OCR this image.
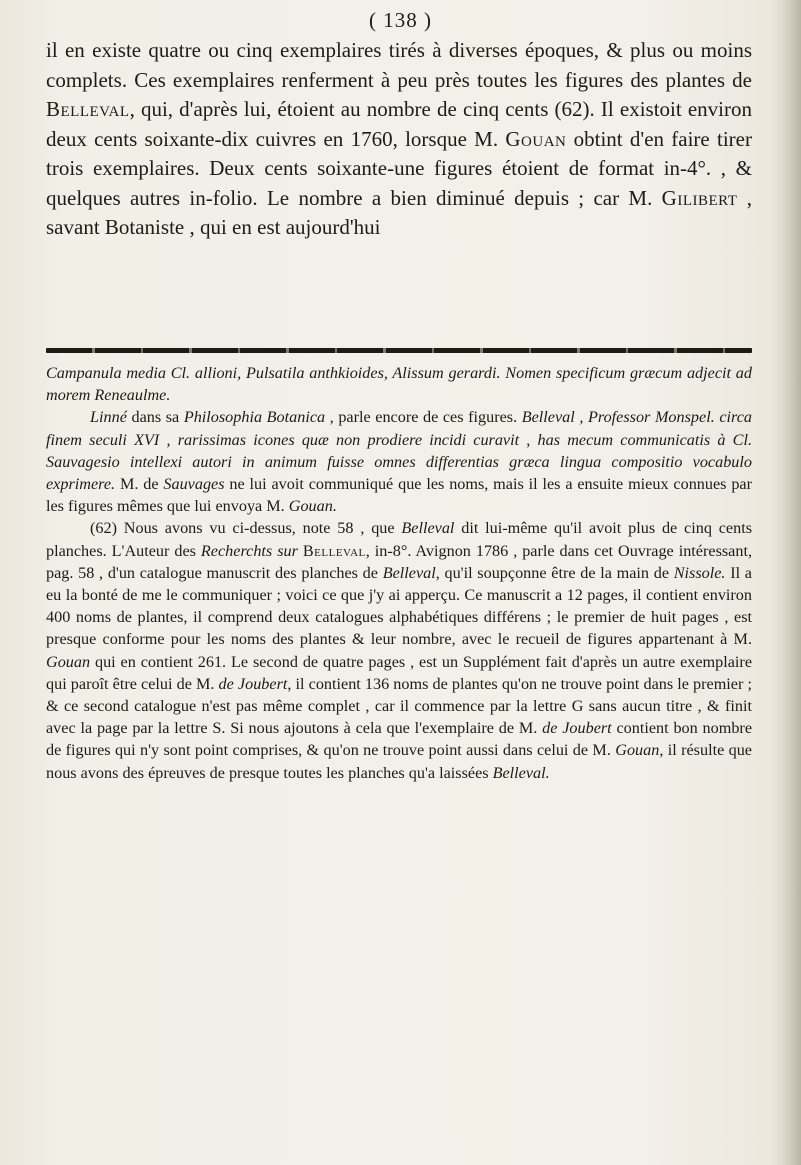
( 138 )

il en existe quatre ou cinq exemplaires tirés à diverses époques, & plus ou moins complets. Ces exemplaires renferment à peu près toutes les figures des plantes de Belleval, qui, d'après lui, étoient au nombre de cinq cents (62). Il existoit environ deux cents soixante-dix cuivres en 1760, lorsque M. Gouan obtint d'en faire tirer trois exemplaires. Deux cents soixante-une figures étoient de format in-4°. , & quelques autres in-folio. Le nombre a bien diminué depuis ; car M. Gilibert , savant Botaniste , qui en est aujourd'hui

Campanula media Cl. allioni, Pulsatila anthkioides, Alissum gerardi. Nomen specificum græcum adjecit ad morem Reneaulme.
Linné dans sa Philosophia Botanica , parle encore de ces figures. Belleval , Professor Monspel. circa finem seculi XVI , rarissimas icones quæ non prodiere incidi curavit , has mecum communicatis à Cl. Sauvagesio intellexi autori in animum fuisse omnes differentias græca lingua compositio vocabulo exprimere. M. de Sauvages ne lui avoit communiqué que les noms, mais il les a ensuite mieux connues par les figures mêmes que lui envoya M. Gouan.

(62) Nous avons vu ci-dessus, note 58 , que Belleval dit lui-même qu'il avoit plus de cinq cents planches. L'Auteur des Recherchts sur Belleval, in-8°. Avignon 1786 , parle dans cet Ouvrage intéressant, pag. 58 , d'un catalogue manuscrit des planches de Belleval, qu'il soupçonne être de la main de Nissole. Il a eu la bonté de me le communiquer ; voici ce que j'y ai apperçu. Ce manuscrit a 12 pages, il contient environ 400 noms de plantes, il comprend deux catalogues alphabétiques différens ; le premier de huit pages , est presque conforme pour les noms des plantes & leur nombre, avec le recueil de figures appartenant à M. Gouan qui en contient 261. Le second de quatre pages , est un Supplément fait d'après un autre exemplaire qui paroît être celui de M. de Joubert, il contient 136 noms de plantes qu'on ne trouve point dans le premier ; & ce second catalogue n'est pas même complet , car il commence par la lettre G sans aucun titre , & finit avec la page par la lettre S. Si nous ajoutons à cela que l'exemplaire de M. de Joubert contient bon nombre de figures qui n'y sont point comprises, & qu'on ne trouve point aussi dans celui de M. Gouan, il résulte que nous avons des épreuves de presque toutes les planches qu'a laissées Belleval.
